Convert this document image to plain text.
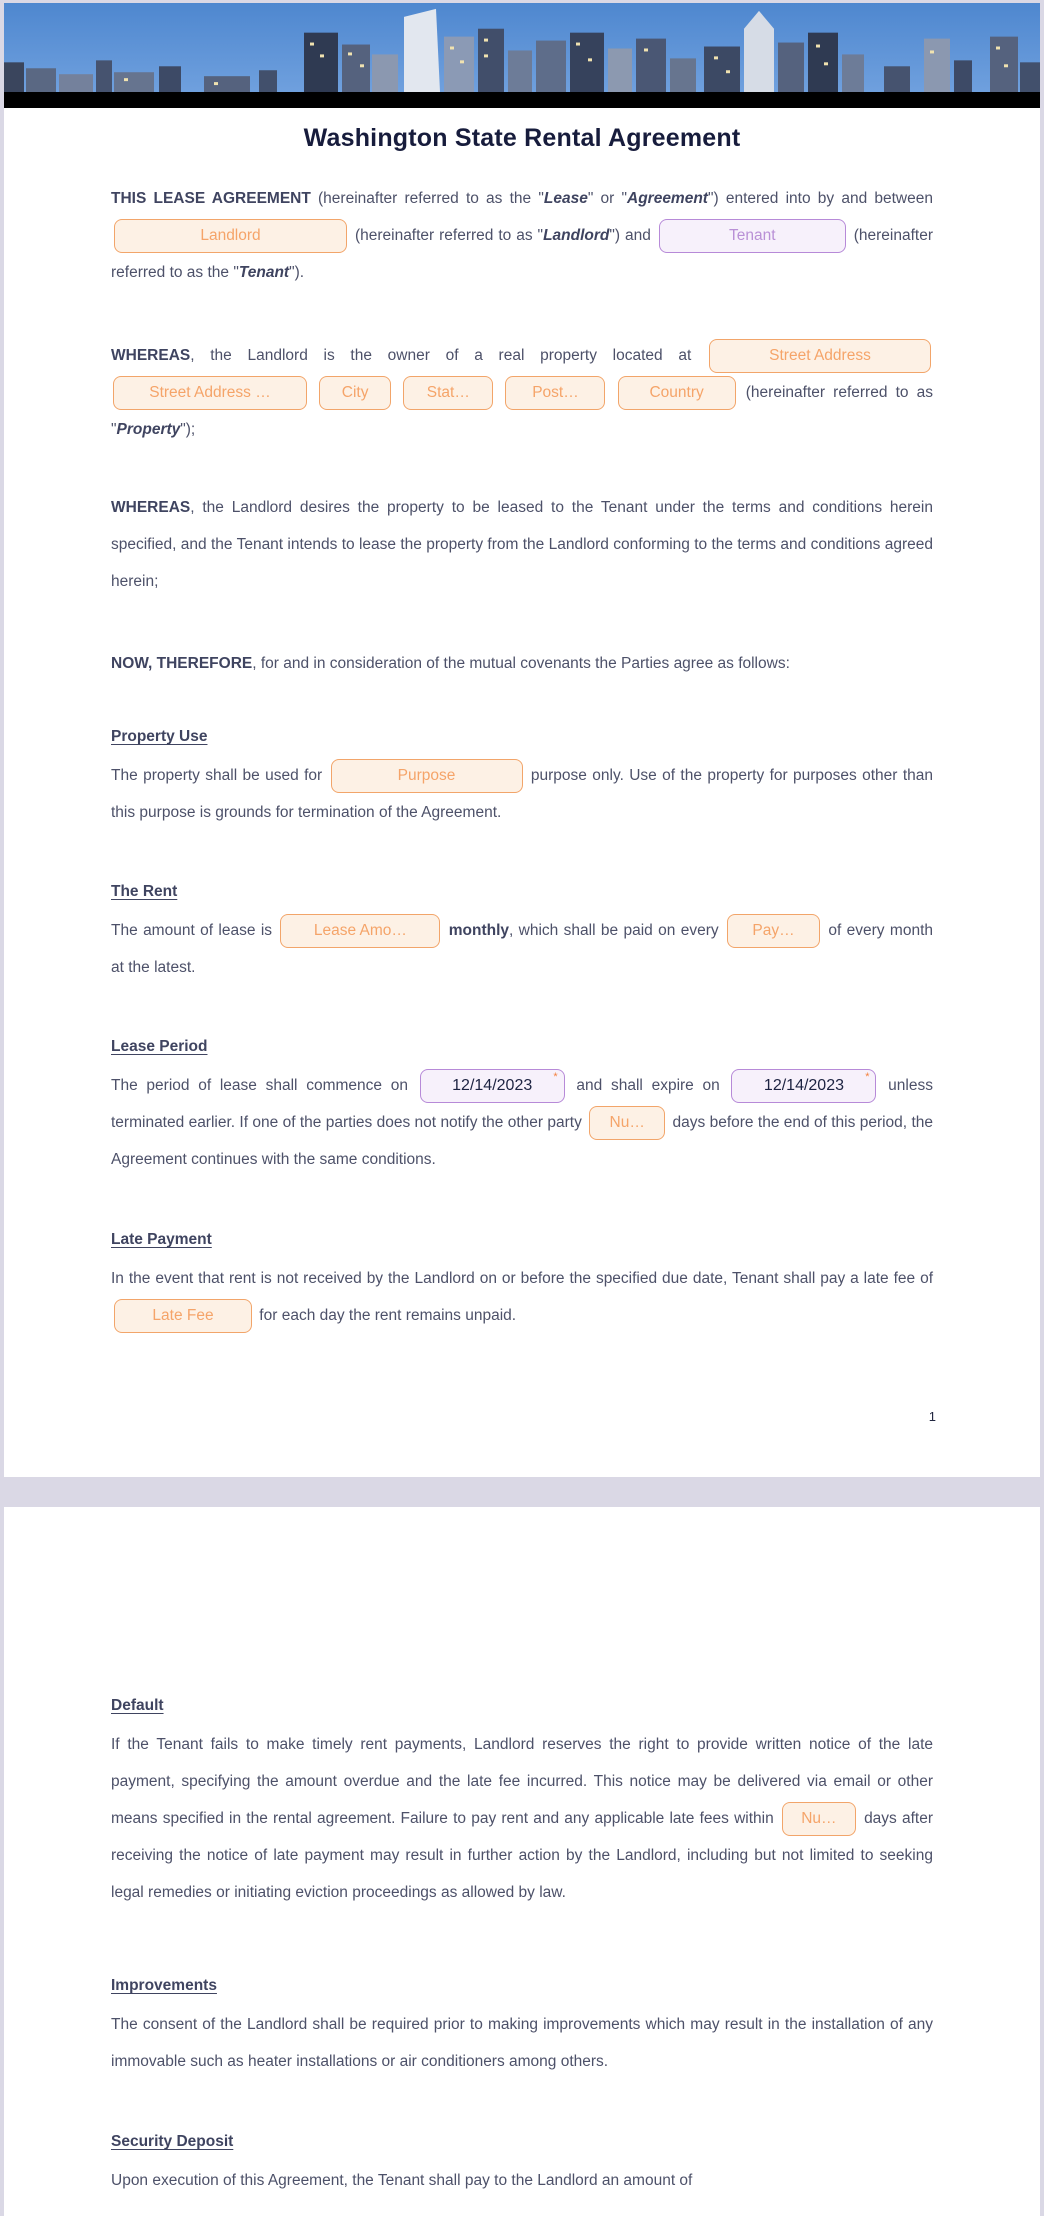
Washington State Rental Agreement

THIS LEASE AGREEMENT (hereinafter referred to as the "Lease" or "Agreement") entered into by and between Landlord	(hereinafter referred to as "Landlord") and	Tenant	(hereinafter referred to as the "Tenant").

WHEREAS, the Landlord is the owner of a real property located at	Street Address Street Address …	City	Stat…	Post…	Country (hereinafter referred to as "Property");

WHEREAS, the Landlord desires the property to be leased to the Tenant under the terms and conditions herein specified, and the Tenant intends to lease the property from the Landlord conforming to the terms and conditions agreed herein;

NOW, THEREFORE, for and in consideration of the mutual covenants the Parties agree as follows:

Property Use

The property shall be used for	Purpose	purpose only. Use of the property for purposes other than this purpose is grounds for termination of the Agreement.

The Rent

The amount of lease is Lease Amo…	monthly, which shall be paid on every Pay… of every month at the latest.

Lease Period

The period of lease shall commence on 12/14/2023 *
and shall expire on 12/14/2023 *
unless terminated earlier. If one of the parties does not notify the other party Nu… days before the end of this period, the Agreement continues with the same conditions.

Late Payment

In the event that rent is not received by the Landlord on or before the specified due date, Tenant shall pay a late fee of Late Fee	for each day the rent remains unpaid.

1
Default

If the Tenant fails to make timely rent payments, Landlord reserves the right to provide written notice of the late payment, specifying the amount overdue and the late fee incurred. This notice may be delivered via email or other means specified in the rental agreement. Failure to pay rent and any applicable late fees within Nu… days after receiving the notice of late payment may result in further action by the Landlord, including but not limited to seeking legal remedies or initiating eviction proceedings as allowed by law.

Improvements

The consent of the Landlord shall be required prior to making improvements which may result in the installation of any immovable such as heater installations or air conditioners among others.

Security Deposit

Upon execution of this Agreement, the Tenant shall pay to the Landlord an amount of
